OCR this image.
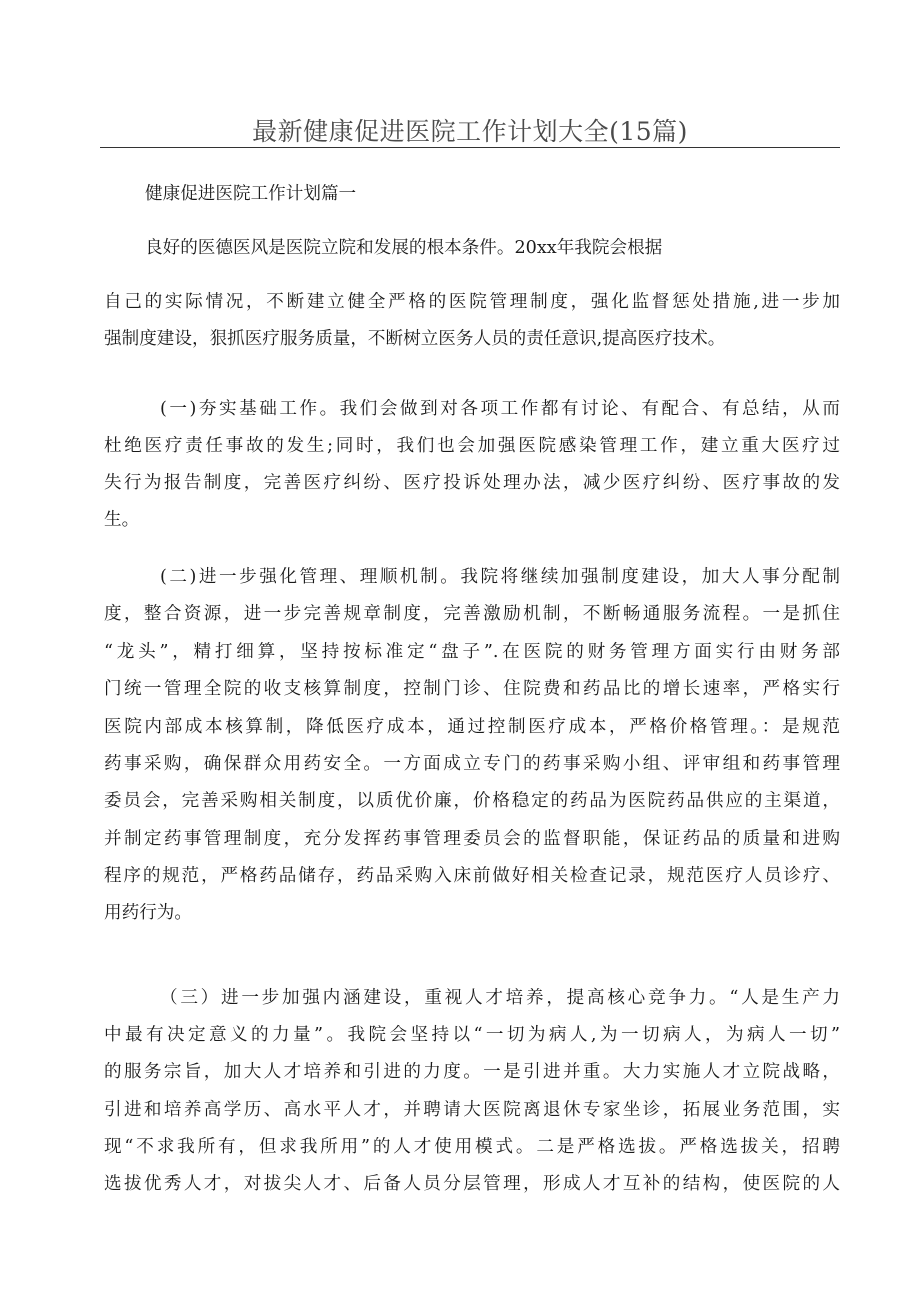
最新健康促进医院工作计划大全(15篇)
健康促进医院工作计划篇一
良好的医德医风是医院立院和发展的根本条件。20xx年我院会根据
自己的实际情况，不断建立健全严格的医院管理制度，强化监督惩处措施,进一步加
强制度建设，狠抓医疗服务质量，不断树立医务人员的责任意识,提高医疗技术。
(一)夯实基础工作。我们会做到对各项工作都有讨论、有配合、有总结，从而
杜绝医疗责任事故的发生;同时，我们也会加强医院感染管理工作，建立重大医疗过
失行为报告制度，完善医疗纠纷、医疗投诉处理办法，减少医疗纠纷、医疗事故的发
生。
(二)进一步强化管理、理顺机制。我院将继续加强制度建设，加大人事分配制
度，整合资源，进一步完善规章制度，完善激励机制，不断畅通服务流程。一是抓住
“龙头”，精打细算，坚持按标准定“盘子”.在医院的财务管理方面实行由财务部
门统一管理全院的收支核算制度，控制门诊、住院费和药品比的增长速率，严格实行
医院内部成本核算制，降低医疗成本，通过控制医疗成本，严格价格管理。：是规范
药事采购，确保群众用药安全。一方面成立专门的药事采购小组、评审组和药事管理
委员会，完善采购相关制度，以质优价廉，价格稳定的药品为医院药品供应的主渠道，
并制定药事管理制度，充分发挥药事管理委员会的监督职能，保证药品的质量和进购
程序的规范，严格药品储存，药品采购入床前做好相关检查记录，规范医疗人员诊疗、
用药行为。
（三）进一步加强内涵建设，重视人才培养，提高核心竞争力。“人是生产力
中最有决定意义的力量”。我院会坚持以“一切为病人,为一切病人，为病人一切”
的服务宗旨，加大人才培养和引进的力度。一是引进并重。大力实施人才立院战略，
引进和培养高学历、高水平人才，并聘请大医院离退休专家坐诊，拓展业务范围，实
现“不求我所有，但求我所用”的人才使用模式。二是严格选拔。严格选拔关，招聘
选拔优秀人才，对拔尖人才、后备人员分层管理，形成人才互补的结构，使医院的人
